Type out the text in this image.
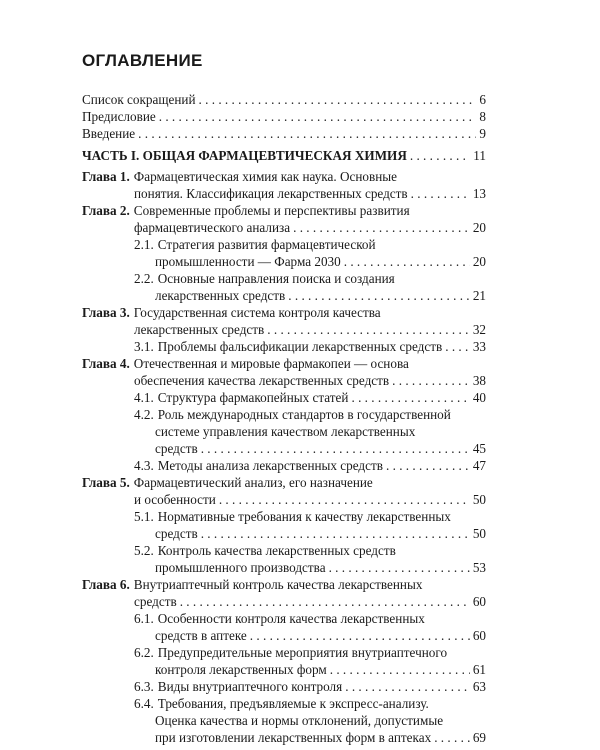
ОГЛАВЛЕНИЕ
Список сокращений . . .	6
Предисловие . . .	8
Введение . . .	9
ЧАСТЬ I. ОБЩАЯ ФАРМАЦЕВТИЧЕСКАЯ ХИМИЯ . . .	11
Глава 1. Фармацевтическая химия как наука. Основные
понятия. Классификация лекарственных средств . . .	13
Глава 2. Современные проблемы и перспективы развития
фармацевтического анализа . . .	20
2.1. Стратегия развития фармацевтической
промышленности — Фарма 2030 . . .	20
2.2. Основные направления поиска и создания
лекарственных средств . . .	21
Глава 3. Государственная система контроля качества
лекарственных средств . . .	32
3.1. Проблемы фальсификации лекарственных средств . . . 33
Глава 4. Отечественная и мировые фармакопеи — основа
обеспечения качества лекарственных средств . . .	38
4.1. Структура фармакопейных статей . . .	40
4.2. Роль международных стандартов в государственной
системе управления качеством лекарственных
средств . . .	45
4.3. Методы анализа лекарственных средств . . .	47
Глава 5. Фармацевтический анализ, его назначение
и особенности . . .	50
5.1. Нормативные требования к качеству лекарственных
средств . . .	50
5.2. Контроль качества лекарственных средств
промышленного производства . . .	53
Глава 6. Внутриаптечный контроль качества лекарственных
средств . . .	60
6.1. Особенности контроля качества лекарственных
средств в аптеке . . .	60
6.2. Предупредительные мероприятия внутриаптечного
контроля лекарственных форм . . .	61
6.3. Виды внутриаптечного контроля . . .	63
6.4. Требования, предъявляемые к экспресс-анализу.
Оценка качества и нормы отклонений, допустимые
при изготовлении лекарственных форм в аптеках . . .	69
